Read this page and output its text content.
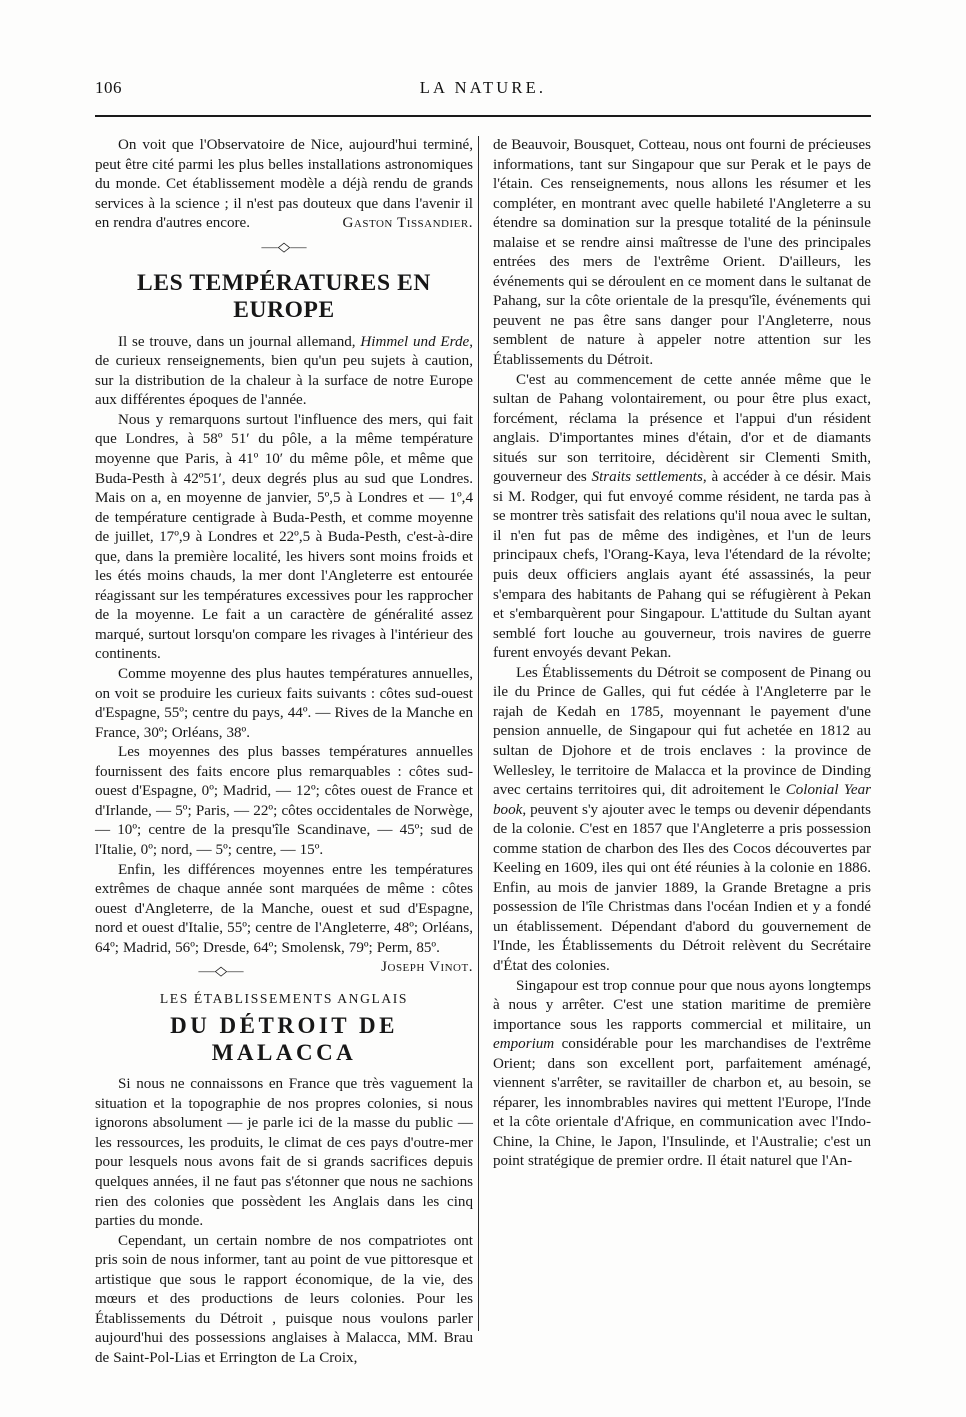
106	LA NATURE.

On voit que l'Observatoire de Nice, aujourd'hui terminé, peut être cité parmi les plus belles installations astronomiques du monde. Cet établissement modèle a déjà rendu de grands services à la science ; il n'est pas douteux que dans l'avenir il en rendra d'autres encore.	Gaston Tissandier.

—◇—
LES TEMPÉRATURES EN EUROPE

Il se trouve, dans un journal allemand, Himmel und Erde, de curieux renseignements, bien qu'un peu sujets à caution, sur la distribution de la chaleur à la surface de notre Europe aux différentes époques de l'année.

Nous y remarquons surtout l'influence des mers, qui fait que Londres, à 58º 51′ du pôle, a la même température moyenne que Paris, à 41º 10′ du même pôle, et même que Buda-Pesth à 42º51′, deux degrés plus au sud que Londres. Mais on a, en moyenne de janvier, 5º,5 à Londres et — 1º,4 de température centigrade à Buda-Pesth, et comme moyenne de juillet, 17º,9 à Londres et 22º,5 à Buda-Pesth, c'est-à-dire que, dans la première localité, les hivers sont moins froids et les étés moins chauds, la mer dont l'Angleterre est entourée réagissant sur les températures excessives pour les rapprocher de la moyenne. Le fait a un caractère de généralité assez marqué, surtout lorsqu'on compare les rivages à l'intérieur des continents.

Comme moyenne des plus hautes températures annuelles, on voit se produire les curieux faits suivants : côtes sud-ouest d'Espagne, 55º; centre du pays, 44º. — Rives de la Manche en France, 30º; Orléans, 38º.

Les moyennes des plus basses températures annuelles fournissent des faits encore plus remarquables : côtes sud-ouest d'Espagne, 0º; Madrid, — 12º; côtes ouest de France et d'Irlande, — 5º; Paris, — 22º; côtes occidentales de Norwège, — 10º; centre de la presqu'île Scandinave, — 45º; sud de l'Italie, 0º; nord, — 5º; centre, — 15º.

Enfin, les différences moyennes entre les températures extrêmes de chaque année sont marquées de même : côtes ouest d'Angleterre, de la Manche, ouest et sud d'Espagne, nord et ouest d'Italie, 55º; centre de l'Angleterre, 48º; Orléans, 64º; Madrid, 56º; Dresde, 64º; Smolensk, 79º; Perm, 85º.
Joseph Vinot.

—◇—
LES ÉTABLISSEMENTS ANGLAIS
DU DÉTROIT DE MALACCA

Si nous ne connaissons en France que très vaguement la situation et la topographie de nos propres colonies, si nous ignorons absolument — je parle ici de la masse du public — les ressources, les produits, le climat de ces pays d'outre-mer pour lesquels nous avons fait de si grands sacrifices depuis quelques années, il ne faut pas s'étonner que nous ne sachions rien des colonies que possèdent les Anglais dans les cinq parties du monde.

Cependant, un certain nombre de nos compatriotes ont pris soin de nous informer, tant au point de vue pittoresque et artistique que sous le rapport économique, de la vie, des mœurs et des productions de leurs colonies. Pour les Établissements du Détroit , puisque nous voulons parler aujourd'hui des possessions anglaises à Malacca, MM. Brau de Saint-Pol-Lias et Errington de La Croix,

de Beauvoir, Bousquet, Cotteau, nous ont fourni de précieuses informations, tant sur Singapour que sur Perak et le pays de l'étain. Ces renseignements, nous allons les résumer et les compléter, en montrant avec quelle habileté l'Angleterre a su étendre sa domination sur la presque totalité de la péninsule malaise et se rendre ainsi maîtresse de l'une des principales entrées des mers de l'extrême Orient. D'ailleurs, les événements qui se déroulent en ce moment dans le sultanat de Pahang, sur la côte orientale de la presqu'île, événements qui peuvent ne pas être sans danger pour l'Angleterre, nous semblent de nature à appeler notre attention sur les Établissements du Détroit.

C'est au commencement de cette année même que le sultan de Pahang volontairement, ou pour être plus exact, forcément, réclama la présence et l'appui d'un résident anglais. D'importantes mines d'étain, d'or et de diamants situés sur son territoire, décidèrent sir Clementi Smith, gouverneur des Straits settlements, à accéder à ce désir. Mais si M. Rodger, qui fut envoyé comme résident, ne tarda pas à se montrer très satisfait des relations qu'il noua avec le sultan, il n'en fut pas de même des indigènes, et l'un de leurs principaux chefs, l'Orang-Kaya, leva l'étendard de la révolte; puis deux officiers anglais ayant été assassinés, la peur s'empara des habitants de Pahang qui se réfugièrent à Pekan et s'embarquèrent pour Singapour. L'attitude du Sultan ayant semblé fort louche au gouverneur, trois navires de guerre furent envoyés devant Pekan.

Les Établissements du Détroit se composent de Pinang ou ile du Prince de Galles, qui fut cédée à l'Angleterre par le rajah de Kedah en 1785, moyennant le payement d'une pension annuelle, de Singapour qui fut achetée en 1812 au sultan de Djohore et de trois enclaves : la province de Wellesley, le territoire de Malacca et la province de Dinding avec certains territoires qui, dit adroitement le Colonial Year book, peuvent s'y ajouter avec le temps ou devenir dépendants de la colonie. C'est en 1857 que l'Angleterre a pris possession comme station de charbon des Iles des Cocos découvertes par Keeling en 1609, iles qui ont été réunies à la colonie en 1886. Enfin, au mois de janvier 1889, la Grande Bretagne a pris possession de l'île Christmas dans l'océan Indien et y a fondé un établissement. Dépendant d'abord du gouvernement de l'Inde, les Établissements du Détroit relèvent du Secrétaire d'État des colonies.

Singapour est trop connue pour que nous ayons longtemps à nous y arrêter. C'est une station maritime de première importance sous les rapports commercial et militaire, un emporium considérable pour les marchandises de l'extrême Orient; dans son excellent port, parfaitement aménagé, viennent s'arrêter, se ravitailler de charbon et, au besoin, se réparer, les innombrables navires qui mettent l'Europe, l'Inde et la côte orientale d'Afrique, en communication avec l'Indo-Chine, la Chine, le Japon, l'Insulinde, et l'Australie; c'est un point stratégique de premier ordre. Il était naturel que l'An-
